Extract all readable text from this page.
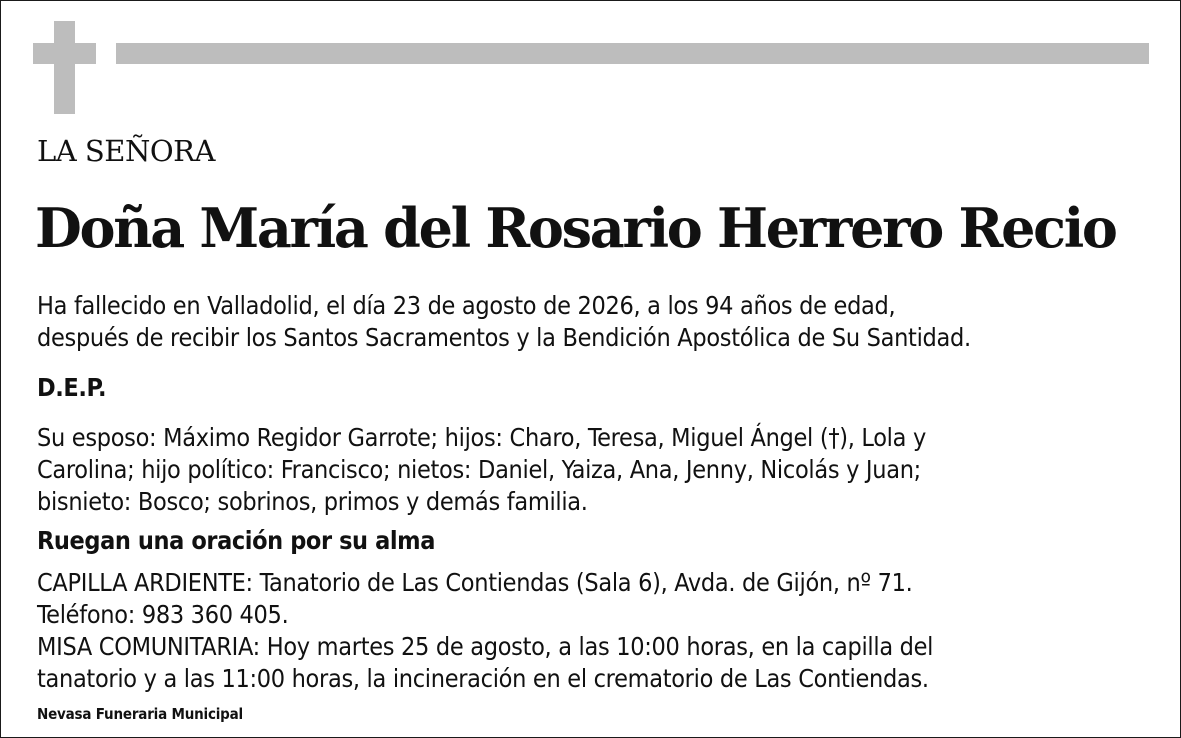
LA SEÑORA
Doña María del Rosario Herrero Recio
Ha fallecido en Valladolid, el día 23 de agosto de 2026, a los 94 años de edad,
después de recibir los Santos Sacramentos y la Bendición Apostólica de Su Santidad.
D.E.P.
Su esposo: Máximo Regidor Garrote; hijos: Charo, Teresa, Miguel Ángel (†), Lola y
Carolina; hijo político: Francisco; nietos: Daniel, Yaiza, Ana, Jenny, Nicolás y Juan;
bisnieto: Bosco; sobrinos, primos y demás familia.
Ruegan una oración por su alma
CAPILLA ARDIENTE: Tanatorio de Las Contiendas (Sala 6), Avda. de Gijón, nº 71.
Teléfono: 983 360 405.
MISA COMUNITARIA: Hoy martes 25 de agosto, a las 10:00 horas, en la capilla del
tanatorio y a las 11:00 horas, la incineración en el crematorio de Las Contiendas.
Nevasa Funeraria Municipal
